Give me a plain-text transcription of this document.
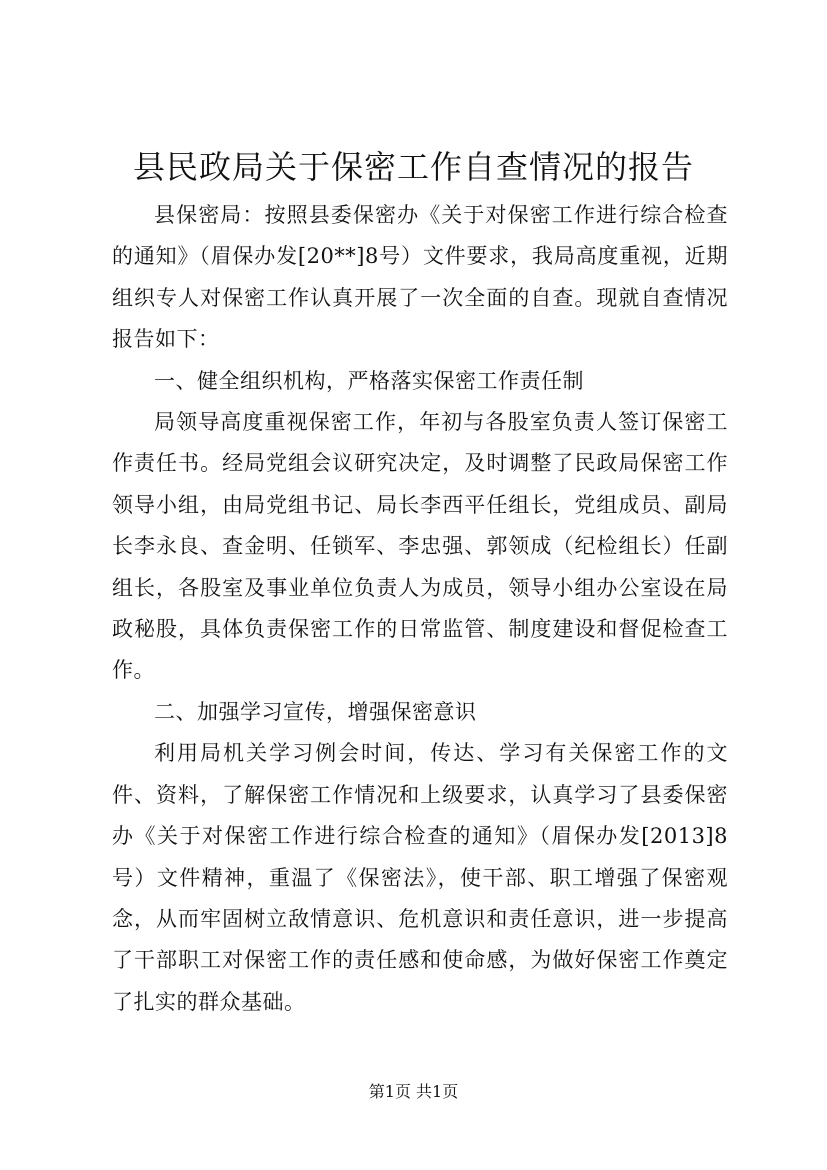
县民政局关于保密工作自查情况的报告

县保密局：按照县委保密办《关于对保密工作进行综合检查的通知》（眉保办发[20**]8号）文件要求，我局高度重视，近期组织专人对保密工作认真开展了一次全面的自查。现就自查情况报告如下：

一、健全组织机构，严格落实保密工作责任制

局领导高度重视保密工作，年初与各股室负责人签订保密工作责任书。经局党组会议研究决定，及时调整了民政局保密工作领导小组，由局党组书记、局长李西平任组长，党组成员、副局长李永良、查金明、任锁军、李忠强、郭领成（纪检组长）任副组长，各股室及事业单位负责人为成员，领导小组办公室设在局政秘股，具体负责保密工作的日常监管、制度建设和督促检查工作。

二、加强学习宣传，增强保密意识

利用局机关学习例会时间，传达、学习有关保密工作的文件、资料，了解保密工作情况和上级要求，认真学习了县委保密办《关于对保密工作进行综合检查的通知》（眉保办发[2013]8号）文件精神，重温了《保密法》，使干部、职工增强了保密观念，从而牢固树立敌情意识、危机意识和责任意识，进一步提高了干部职工对保密工作的责任感和使命感，为做好保密工作奠定了扎实的群众基础。

第1页 共1页
